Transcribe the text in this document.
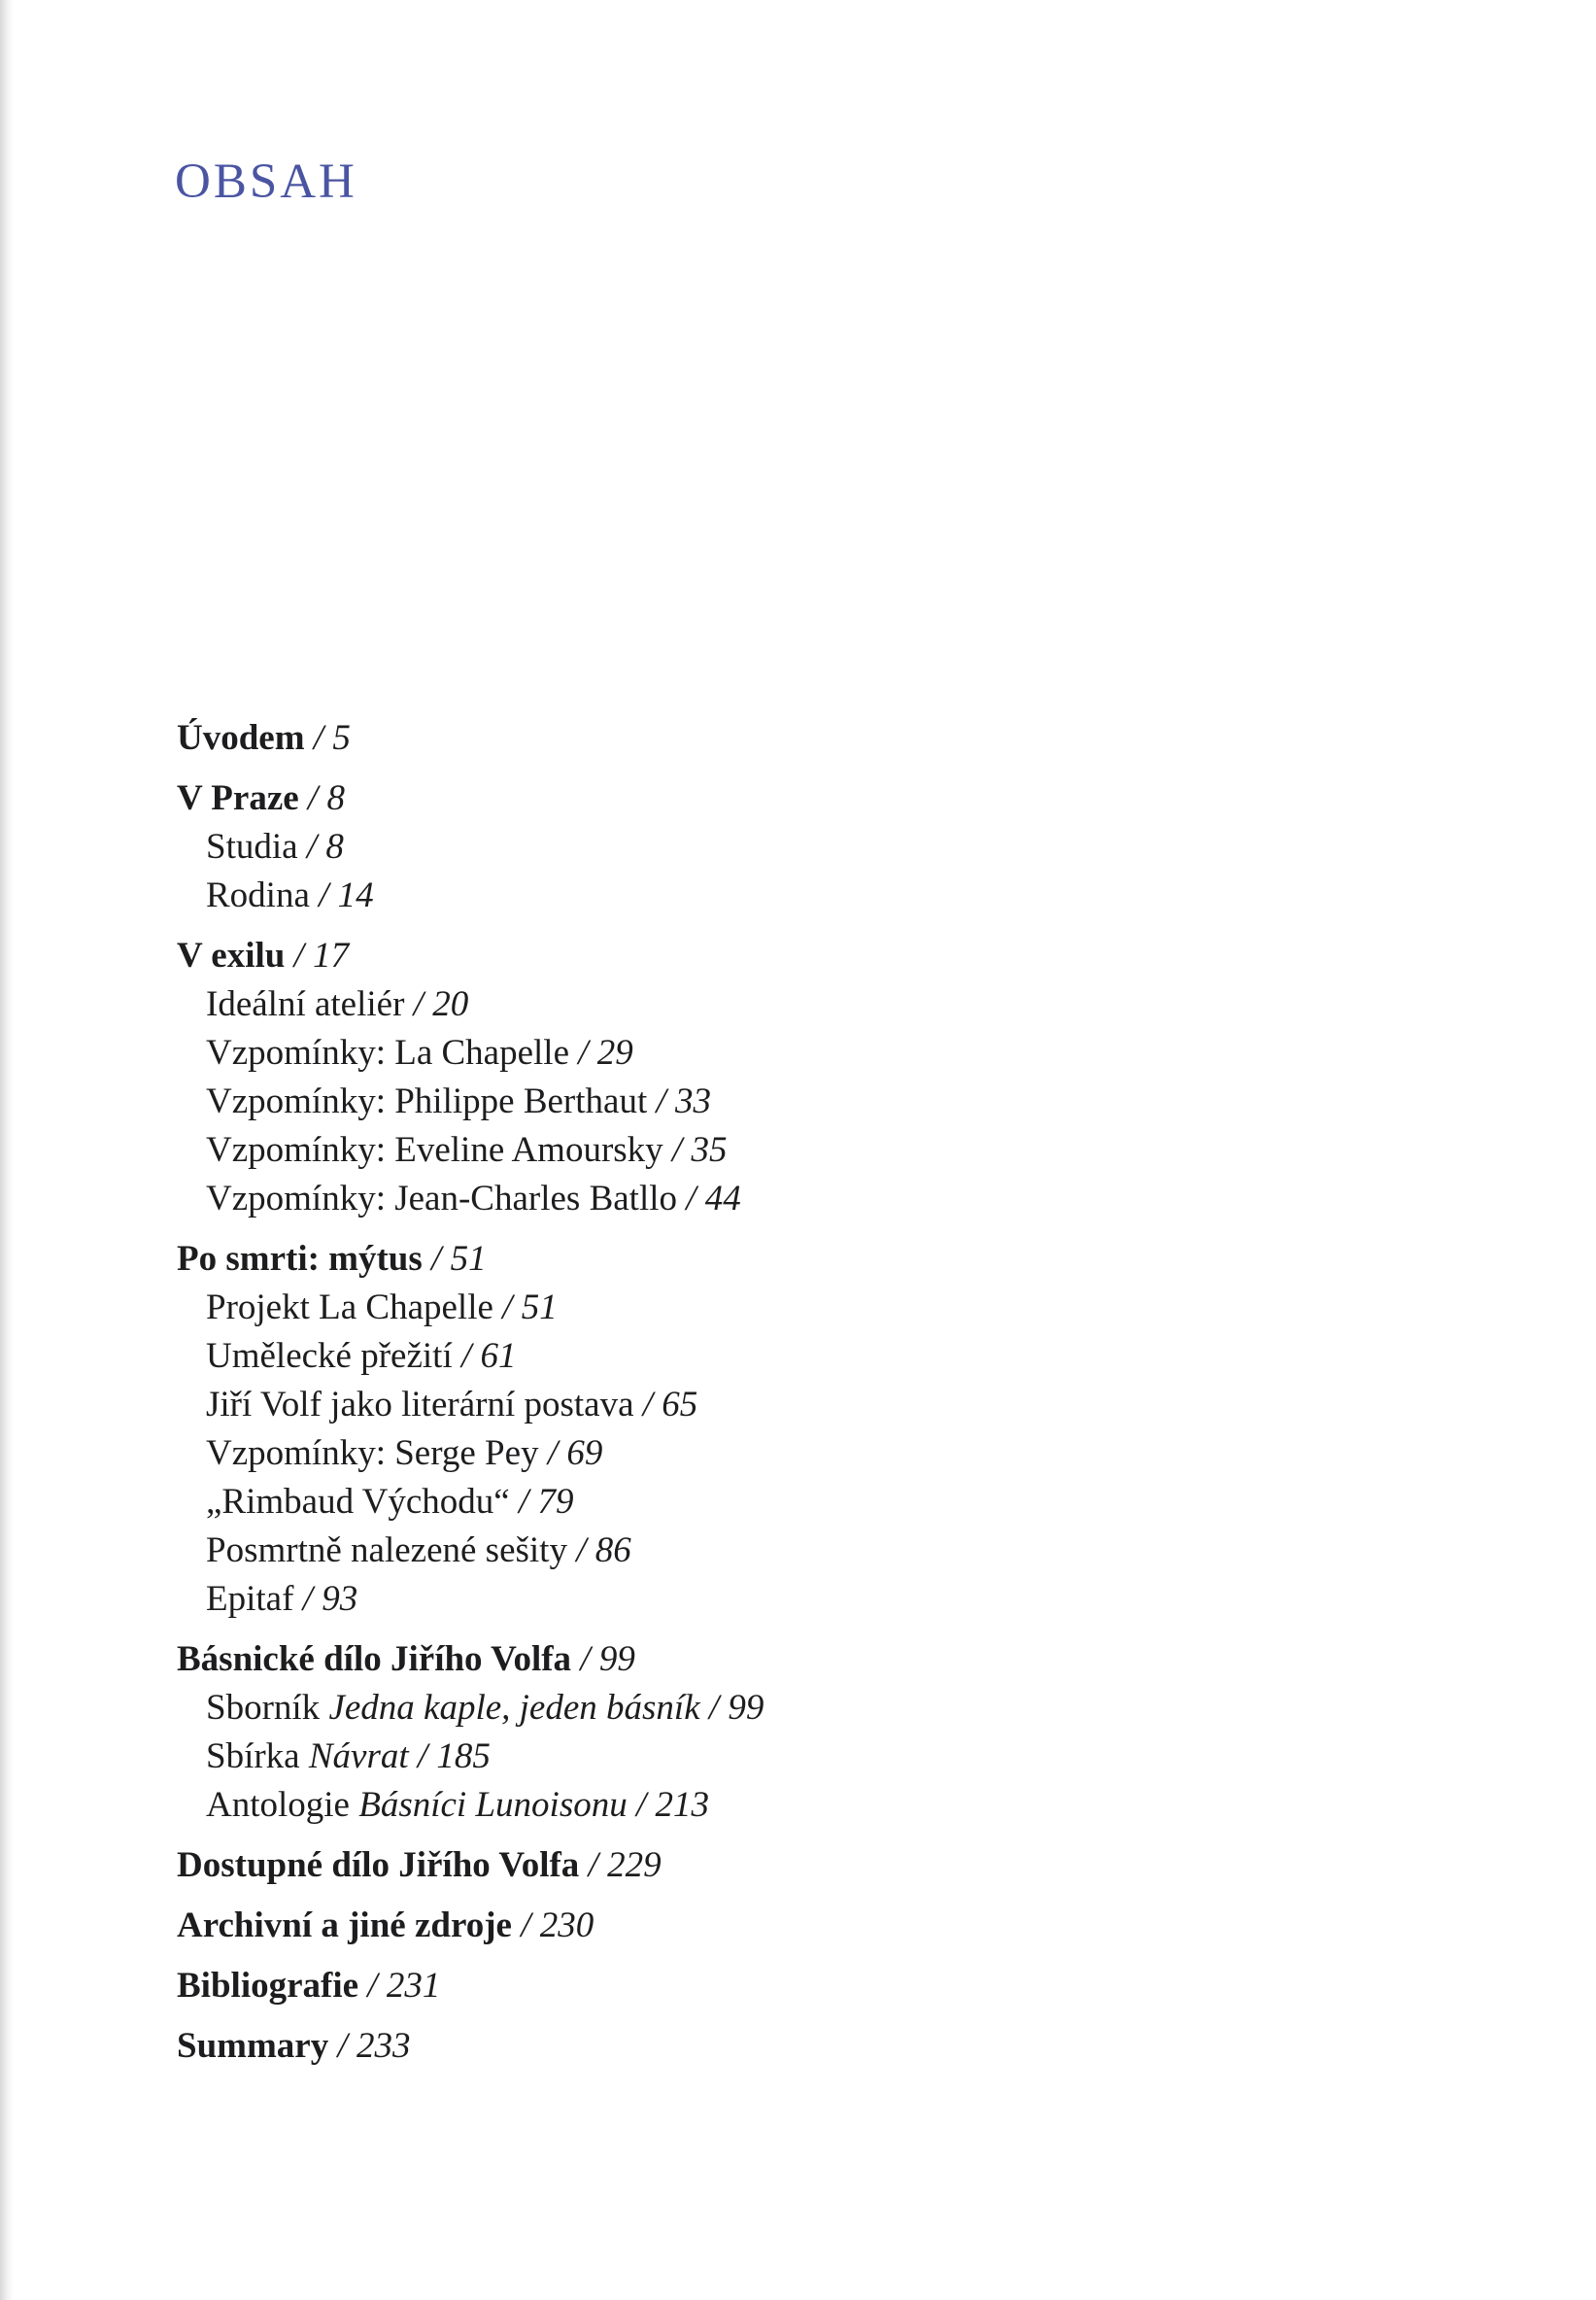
OBSAH
Úvodem / 5
V Praze / 8
Studia / 8
Rodina / 14
V exilu / 17
Ideální ateliér / 20
Vzpomínky: La Chapelle / 29
Vzpomínky: Philippe Berthaut / 33
Vzpomínky: Eveline Amoursky / 35
Vzpomínky: Jean-Charles Batllo / 44
Po smrti: mýtus / 51
Projekt La Chapelle / 51
Umělecké přežití / 61
Jiří Volf jako literární postava / 65
Vzpomínky: Serge Pey / 69
„Rimbaud Východu“ / 79
Posmrtně nalezené sešity / 86
Epitaf / 93
Básnické dílo Jiřího Volfa / 99
Sborník Jedna kaple, jeden básník / 99
Sbírka Návrat / 185
Antologie Básníci Lunoisonu / 213
Dostupné dílo Jiřího Volfa / 229
Archivní a jiné zdroje / 230
Bibliografie / 231
Summary / 233
